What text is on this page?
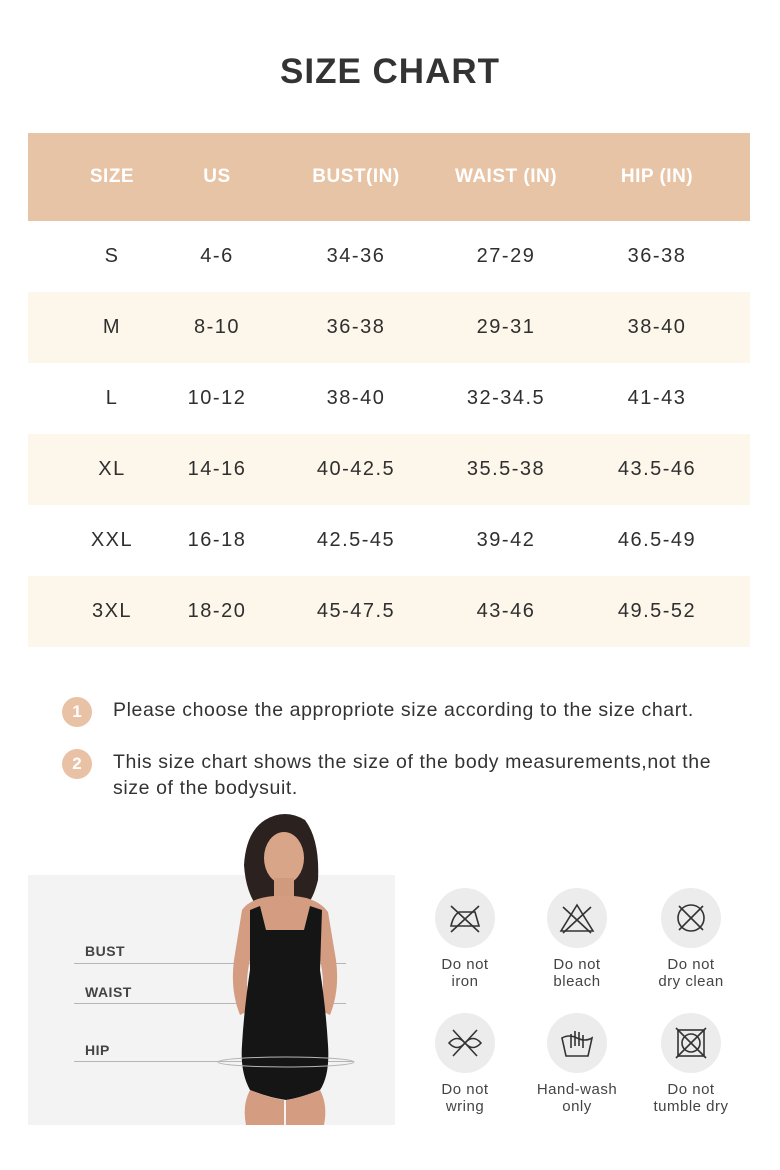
SIZE CHART
SIZE	US	BUST(IN)	WAIST (IN)	HIP (IN)
S	4-6	34-36	27-29	36-38
M	8-10	36-38	29-31	38-40
L	10-12	38-40	32-34.5	41-43
XL	14-16	40-42.5	35.5-38	43.5-46
XXL	16-18	42.5-45	39-42	46.5-49
3XL	18-20	45-47.5	43-46	49.5-52
1	Please choose the appropriote size according to the size chart.
2	This size chart shows the size of the body measurements,not the size of the bodysuit.
BUST
WAIST
HIP
Do not
iron
Do not
bleach
Do not
dry clean
Do not
wring
Hand-wash
only
Do not
tumble dry
